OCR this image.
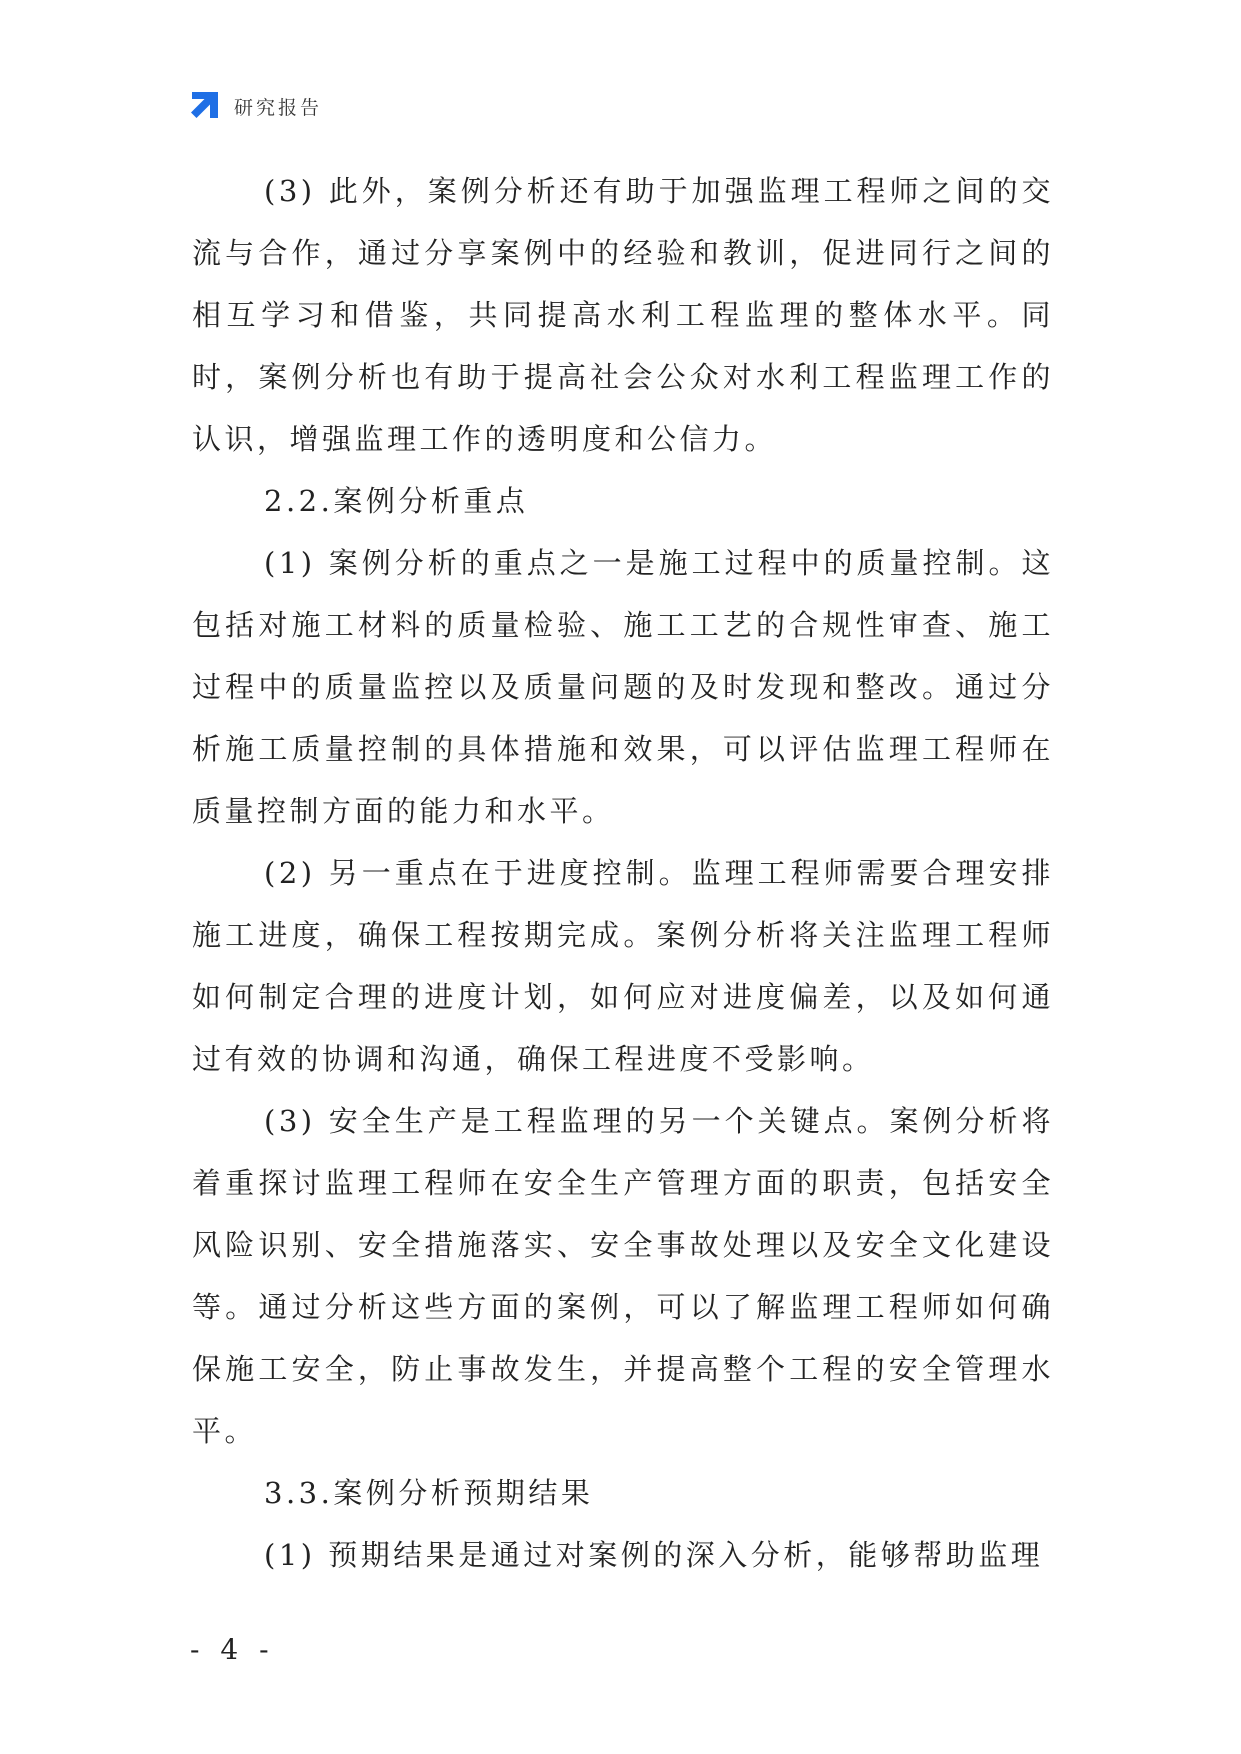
研究报告

(3) 此外，案例分析还有助于加强监理工程师之间的交流与合作，通过分享案例中的经验和教训，促进同行之间的相互学习和借鉴，共同提高水利工程监理的整体水平。同时，案例分析也有助于提高社会公众对水利工程监理工作的认识，增强监理工作的透明度和公信力。

2.2.案例分析重点

(1) 案例分析的重点之一是施工过程中的质量控制。这包括对施工材料的质量检验、施工工艺的合规性审查、施工过程中的质量监控以及质量问题的及时发现和整改。通过分析施工质量控制的具体措施和效果，可以评估监理工程师在质量控制方面的能力和水平。

(2) 另一重点在于进度控制。监理工程师需要合理安排施工进度，确保工程按期完成。案例分析将关注监理工程师如何制定合理的进度计划，如何应对进度偏差，以及如何通过有效的协调和沟通，确保工程进度不受影响。

(3) 安全生产是工程监理的另一个关键点。案例分析将着重探讨监理工程师在安全生产管理方面的职责，包括安全风险识别、安全措施落实、安全事故处理以及安全文化建设等。通过分析这些方面的案例，可以了解监理工程师如何确保施工安全，防止事故发生，并提高整个工程的安全管理水平。

3.3.案例分析预期结果

(1) 预期结果是通过对案例的深入分析，能够帮助监理

- 4 -
